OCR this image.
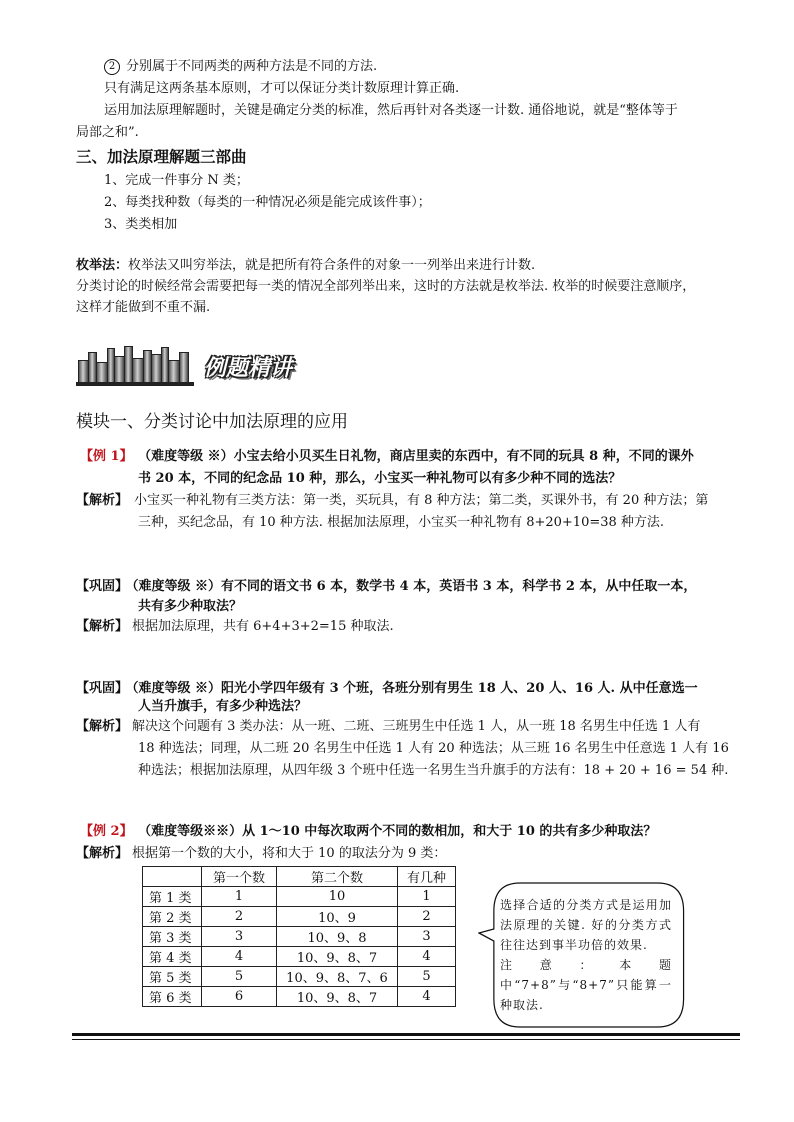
2 分别属于不同两类的两种方法是不同的方法.
只有满足这两条基本原则，才可以保证分类计数原理计算正确.
运用加法原理解题时，关键是确定分类的标准，然后再针对各类逐一计数. 通俗地说，就是“整体等于
局部之和”.
三、加法原理解题三部曲
1、完成一件事分 N 类；
2、每类找种数（每类的一种情况必须是能完成该件事）；
3、类类相加
枚举法：枚举法又叫穷举法，就是把所有符合条件的对象一一列举出来进行计数.
分类讨论的时候经常会需要把每一类的情况全部列举出来，这时的方法就是枚举法. 枚举的时候要注意顺序，
这样才能做到不重不漏.
例题精讲
模块一、分类讨论中加法原理的应用
【例 1】 （难度等级 ※）小宝去给小贝买生日礼物，商店里卖的东西中，有不同的玩具 8 种，不同的课外
书 20 本，不同的纪念品 10 种，那么，小宝买一种礼物可以有多少种不同的选法？
【解析】 小宝买一种礼物有三类方法：第一类，买玩具，有 8 种方法；第二类，买课外书，有 20 种方法；第
三种，买纪念品，有 10 种方法. 根据加法原理，小宝买一种礼物有 8+20+10=38 种方法.
【巩固】 （难度等级 ※）有不同的语文书 6 本，数学书 4 本，英语书 3 本，科学书 2 本，从中任取一本，
共有多少种取法？
【解析】 根据加法原理，共有 6+4+3+2=15 种取法.
【巩固】 （难度等级 ※）阳光小学四年级有 3 个班，各班分别有男生 18 人、20 人、16 人. 从中任意选一
人当升旗手，有多少种选法？
【解析】 解决这个问题有 3 类办法：从一班、二班、三班男生中任选 1 人，从一班 18 名男生中任选 1 人有
18 种选法；同理，从二班 20 名男生中任选 1 人有 20 种选法；从三班 16 名男生中任意选 1 人有 16
种选法；根据加法原理，从四年级 3 个班中任选一名男生当升旗手的方法有：18 + 20 + 16 = 54 种.
【例 2】 （难度等级※※）从 1～10 中每次取两个不同的数相加，和大于 10 的共有多少种取法？
【解析】 根据第一个数的大小，将和大于 10 的取法分为 9 类：
	第一个数	第二个数	有几种
第 1 类	1	10	1
第 2 类	2	10、9	2
第 3 类	3	10、9、8	3
第 4 类	4	10、9、8、7	4
第 5 类	5	10、9、8、7、6	5
第 6 类	6	10、9、8、7	4
选择合适的分类方式是运用加法原理的关键. 好的分类方式往往达到事半功倍的效果.
注意：本题中“7+8”与“8+7”只能算一种取法.
